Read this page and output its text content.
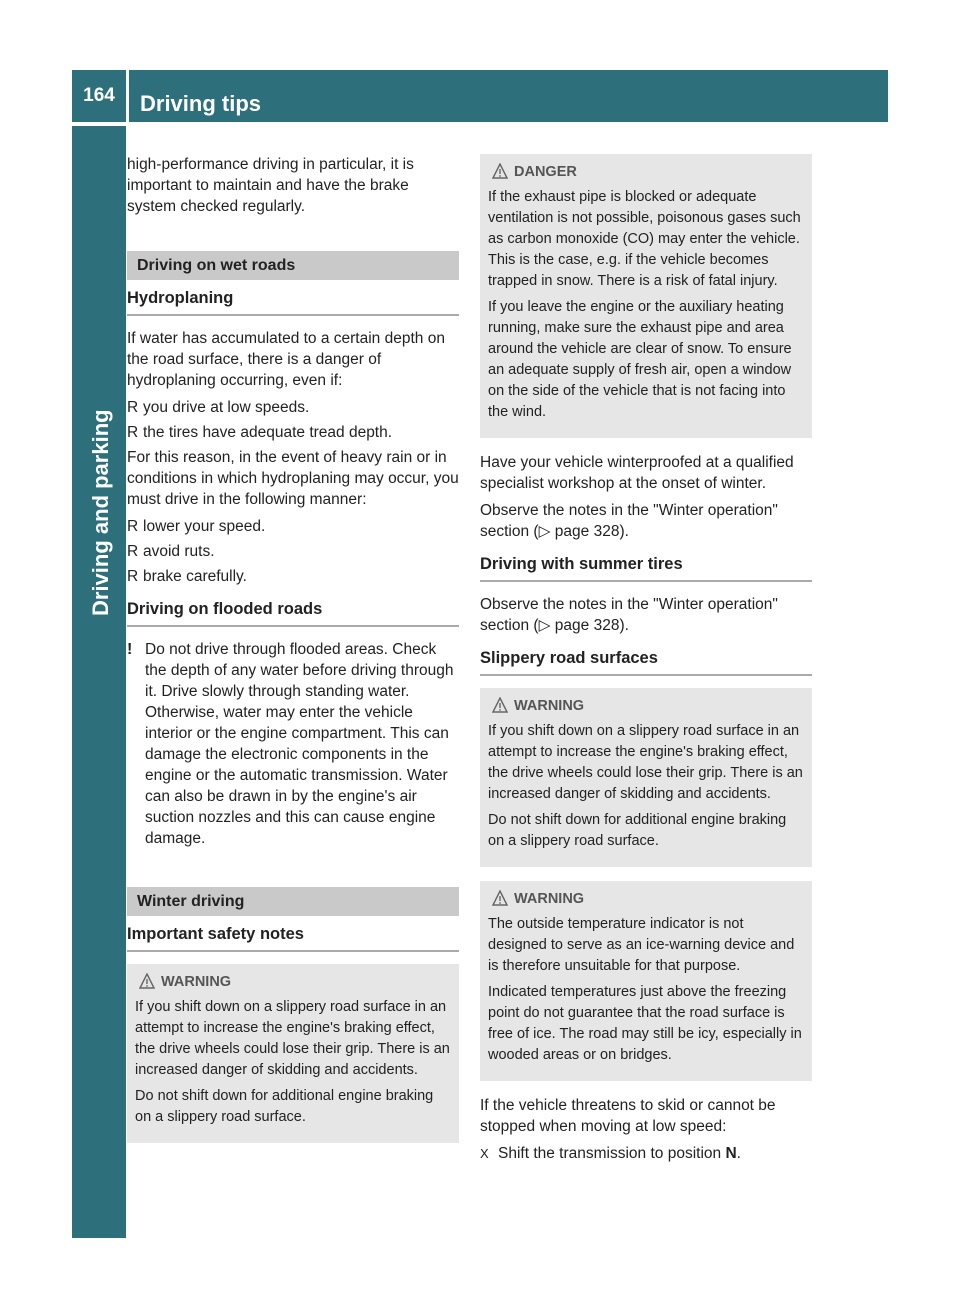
164	Driving tips
Driving and parking

high-performance driving in particular, it is important to maintain and have the brake system checked regularly.

Driving on wet roads
Hydroplaning

If water has accumulated to a certain depth on the road surface, there is a danger of hydroplaning occurring, even if:

R you drive at low speeds.
R the tires have adequate tread depth.

For this reason, in the event of heavy rain or in conditions in which hydroplaning may occur, you must drive in the following manner:

R lower your speed.
R avoid ruts.
R brake carefully.
Driving on flooded roads
! Do not drive through flooded areas. Check the depth of any water before driving through it. Drive slowly through standing water. Otherwise, water may enter the vehicle interior or the engine compartment. This can damage the electronic components in the engine or the automatic transmission. Water can also be drawn in by the engine's air suction nozzles and this can cause engine damage.
Winter driving
Important safety notes
WARNING

If you shift down on a slippery road surface in an attempt to increase the engine's braking effect, the drive wheels could lose their grip. There is an increased danger of skidding and accidents.

Do not shift down for additional engine braking on a slippery road surface.

DANGER

If the exhaust pipe is blocked or adequate ventilation is not possible, poisonous gases such as carbon monoxide (CO) may enter the vehicle. This is the case, e.g. if the vehicle becomes trapped in snow. There is a risk of fatal injury.

If you leave the engine or the auxiliary heating running, make sure the exhaust pipe and area around the vehicle are clear of snow. To ensure an adequate supply of fresh air, open a window on the side of the vehicle that is not facing into the wind.

Have your vehicle winterproofed at a qualified specialist workshop at the onset of winter.

Observe the notes in the "Winter operation" section (▷ page 328).

Driving with summer tires

Observe the notes in the "Winter operation" section (▷ page 328).

Slippery road surfaces
WARNING

If you shift down on a slippery road surface in an attempt to increase the engine's braking effect, the drive wheels could lose their grip. There is an increased danger of skidding and accidents.

Do not shift down for additional engine braking on a slippery road surface.

WARNING

The outside temperature indicator is not designed to serve as an ice-warning device and is therefore unsuitable for that purpose.

Indicated temperatures just above the freezing point do not guarantee that the road surface is free of ice. The road may still be icy, especially in wooded areas or on bridges.

If the vehicle threatens to skid or cannot be stopped when moving at low speed:

X Shift the transmission to position N.
